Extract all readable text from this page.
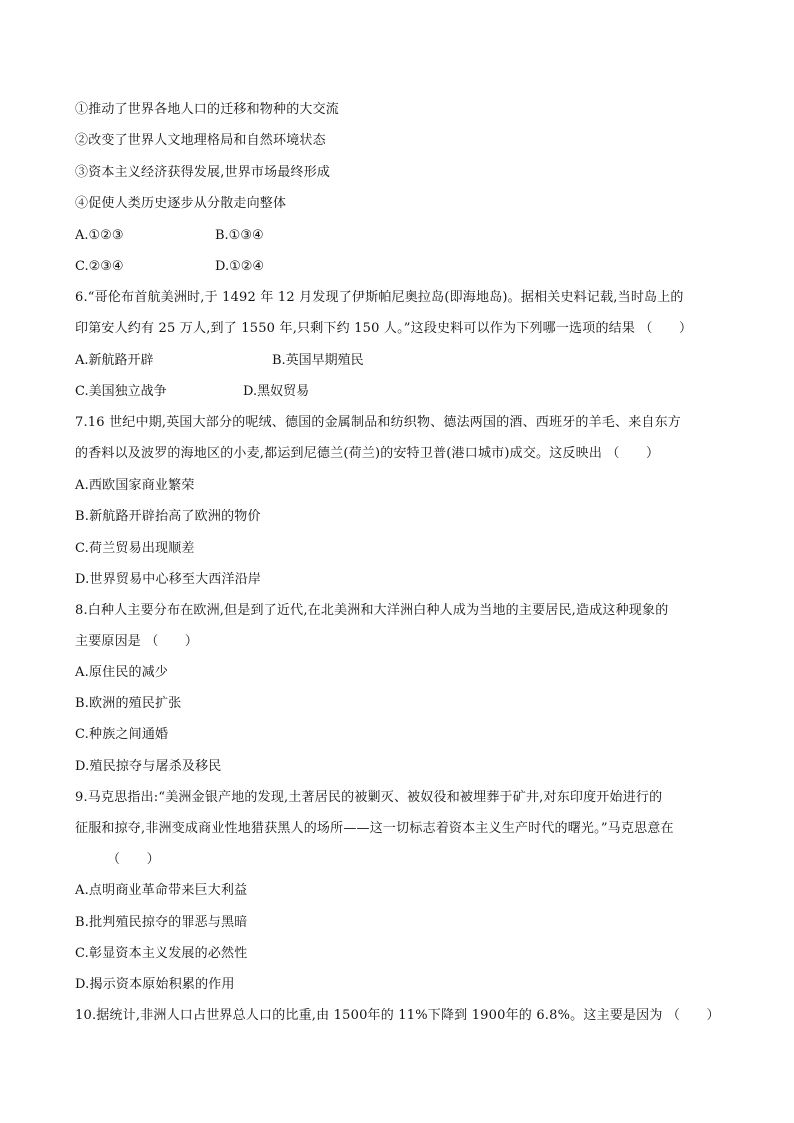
①推动了世界各地人口的迁移和物种的大交流
②改变了世界人文地理格局和自然环境状态
③资本主义经济获得发展,世界市场最终形成
④促使人类历史逐步从分散走向整体
A.①②③	B.①③④
C.②③④	D.①②④
6.“哥伦布首航美洲时,于 1492 年 12 月发现了伊斯帕尼奥拉岛(即海地岛)。据相关史料记载,当时岛上的
印第安人约有 25 万人,到了 1550 年,只剩下约 150 人。”这段史料可以作为下列哪一选项的结果 （　　）
A.新航路开辟	B.英国早期殖民
C.美国独立战争	D.黑奴贸易
7.16 世纪中期,英国大部分的呢绒、德国的金属制品和纺织物、德法两国的酒、西班牙的羊毛、来自东方
的香料以及波罗的海地区的小麦,都运到尼德兰(荷兰)的安特卫普(港口城市)成交。这反映出 （　　）
A.西欧国家商业繁荣
B.新航路开辟抬高了欧洲的物价
C.荷兰贸易出现顺差
D.世界贸易中心移至大西洋沿岸
8.白种人主要分布在欧洲,但是到了近代,在北美洲和大洋洲白种人成为当地的主要居民,造成这种现象的
主要原因是 （　　）
A.原住民的减少
B.欧洲的殖民扩张
C.种族之间通婚
D.殖民掠夺与屠杀及移民
9.马克思指出:“美洲金银产地的发现,土著居民的被剿灭、被奴役和被埋葬于矿井,对东印度开始进行的
征服和掠夺,非洲变成商业性地猎获黑人的场所——这一切标志着资本主义生产时代的曙光。”马克思意在
（　　）
A.点明商业革命带来巨大利益
B.批判殖民掠夺的罪恶与黑暗
C.彰显资本主义发展的必然性
D.揭示资本原始积累的作用
10.据统计,非洲人口占世界总人口的比重,由 1500年的 11%下降到 1900年的 6.8%。这主要是因为 （　　）
